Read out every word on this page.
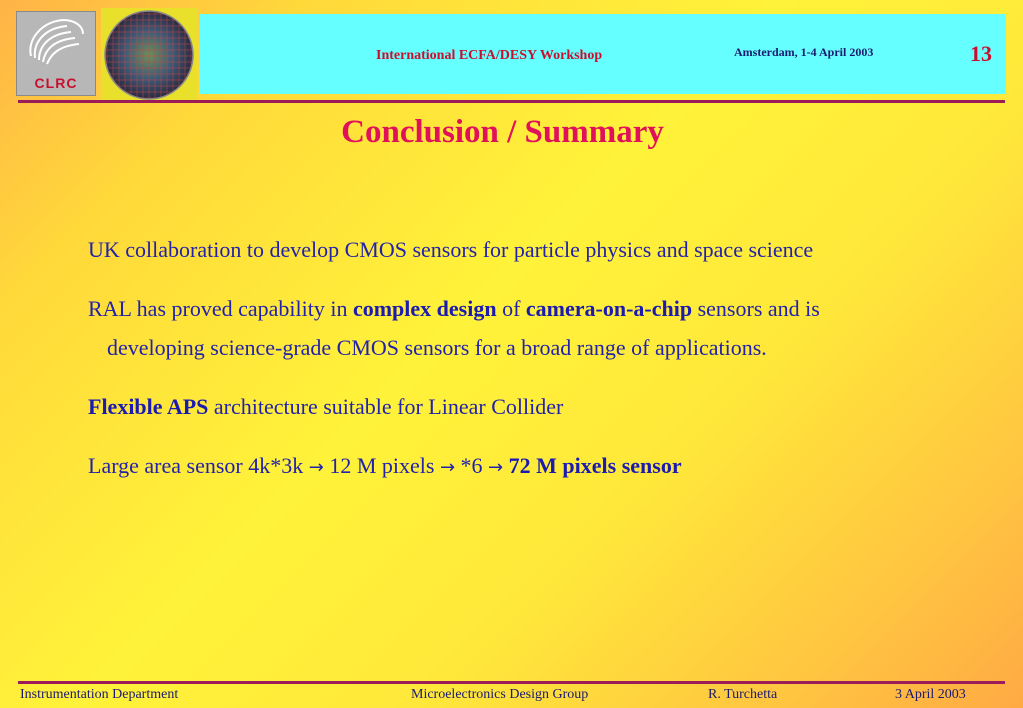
CLRC
International ECFA/DESY Workshop	Amsterdam, 1-4 April 2003	13
Conclusion / Summary
UK collaboration to develop CMOS sensors for particle physics and space science
RAL has proved capability in complex design of camera-on-a-chip sensors and is developing science-grade CMOS sensors for a broad range of applications.
Flexible APS architecture suitable for Linear Collider
Large area sensor 4k*3k → 12 M pixels → *6 → 72 M pixels sensor
Instrumentation Department	Microelectronics Design Group	R. Turchetta	3 April 2003
